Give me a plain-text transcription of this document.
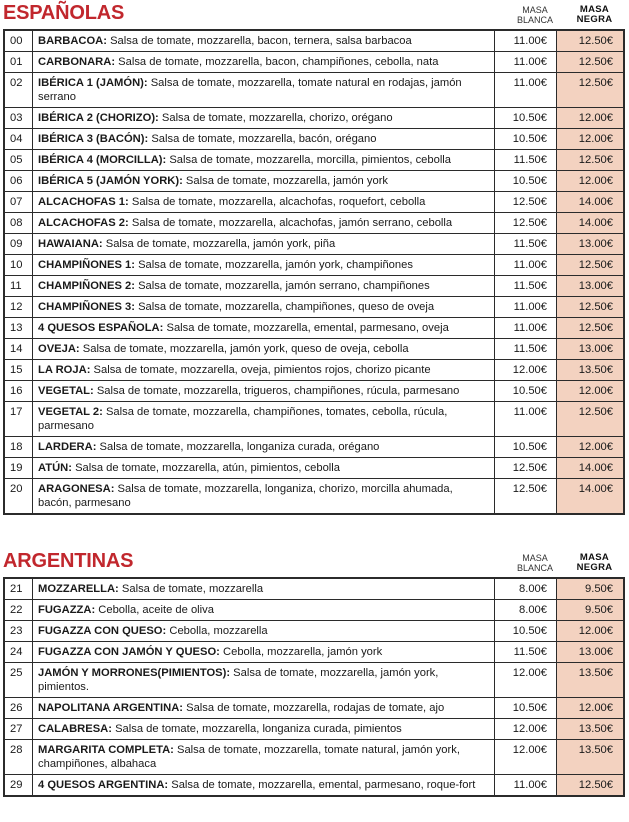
ESPAÑOLAS	MASA
BLANCA
MASA
NEGRA
00	BARBACOA: Salsa de tomate, mozzarella, bacon, ternera, salsa barbacoa	11.00€	12.50€
01	CARBONARA: Salsa de tomate, mozzarella, bacon, champiñones, cebolla, nata	11.00€	12.50€
02	IBÉRICA 1 (JAMÓN): Salsa de tomate, mozzarella, tomate natural en rodajas, jamón serrano	11.00€	12.50€
03	IBÉRICA 2 (CHORIZO): Salsa de tomate, mozzarella, chorizo, orégano	10.50€	12.00€
04	IBÉRICA 3 (BACÓN): Salsa de tomate, mozzarella, bacón, orégano	10.50€	12.00€
05	IBÉRICA 4 (MORCILLA): Salsa de tomate, mozzarella, morcilla, pimientos, cebolla	11.50€	12.50€
06	IBÉRICA 5 (JAMÓN YORK): Salsa de tomate, mozzarella, jamón york	10.50€	12.00€
07	ALCACHOFAS 1: Salsa de tomate, mozzarella, alcachofas, roquefort, cebolla	12.50€	14.00€
08	ALCACHOFAS 2: Salsa de tomate, mozzarella, alcachofas, jamón serrano, cebolla	12.50€	14.00€
09	HAWAIANA: Salsa de tomate, mozzarella, jamón york, piña	11.50€	13.00€
10	CHAMPIÑONES 1: Salsa de tomate, mozzarella, jamón york, champiñones	11.00€	12.50€
11	CHAMPIÑONES 2: Salsa de tomate, mozzarella, jamón serrano, champiñones	11.50€	13.00€
12	CHAMPIÑONES 3: Salsa de tomate, mozzarella, champiñones, queso de oveja	11.00€	12.50€
13	4 QUESOS ESPAÑOLA: Salsa de tomate, mozzarella, emental, parmesano, oveja	11.00€	12.50€
14	OVEJA: Salsa de tomate, mozzarella, jamón york, queso de oveja, cebolla	11.50€	13.00€
15	LA ROJA: Salsa de tomate, mozzarella, oveja, pimientos rojos, chorizo picante	12.00€	13.50€
16	VEGETAL: Salsa de tomate, mozzarella, trigueros, champiñones, rúcula, parmesano	10.50€	12.00€
17	VEGETAL 2: Salsa de tomate, mozzarella, champiñones, tomates, cebolla, rúcula, parmesano	11.00€	12.50€
18	LARDERA: Salsa de tomate, mozzarella, longaniza curada, orégano	10.50€	12.00€
19	ATÚN: Salsa de tomate, mozzarella, atún, pimientos, cebolla	12.50€	14.00€
20	ARAGONESA: Salsa de tomate, mozzarella, longaniza, chorizo, morcilla ahumada, bacón, parmesano	12.50€	14.00€
ARGENTINAS	MASA
BLANCA
MASA
NEGRA
21	MOZZARELLA: Salsa de tomate, mozzarella	8.00€	9.50€
22	FUGAZZA: Cebolla, aceite de oliva	8.00€	9.50€
23	FUGAZZA CON QUESO: Cebolla, mozzarella	10.50€	12.00€
24	FUGAZZA CON JAMÓN Y QUESO: Cebolla, mozzarella, jamón york	11.50€	13.00€
25	JAMÓN Y MORRONES(PIMIENTOS): Salsa de tomate, mozzarella, jamón york, pimientos.	12.00€	13.50€
26	NAPOLITANA ARGENTINA: Salsa de tomate, mozzarella, rodajas de tomate, ajo	10.50€	12.00€
27	CALABRESA: Salsa de tomate, mozzarella, longaniza curada, pimientos	12.00€	13.50€
28	MARGARITA COMPLETA: Salsa de tomate, mozzarella, tomate natural, jamón york, champiñones, albahaca	12.00€	13.50€
29	4 QUESOS ARGENTINA: Salsa de tomate, mozzarella, emental, parmesano, roque-fort	11.00€	12.50€
